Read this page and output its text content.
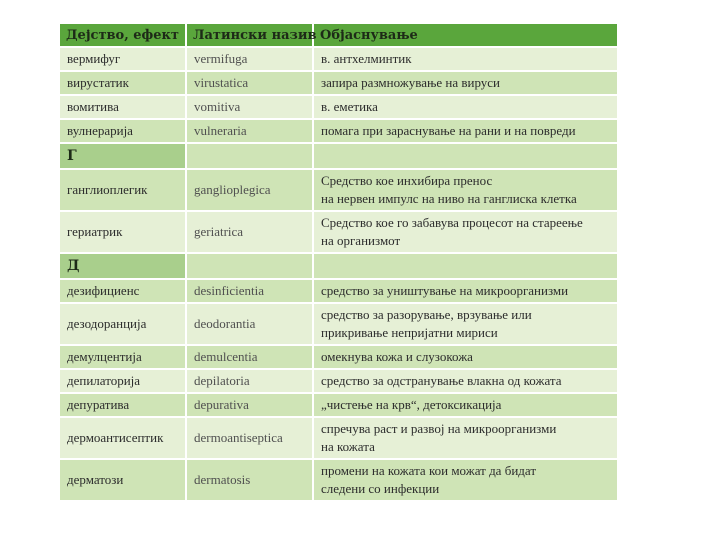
Дејство, ефект	Латински назив	Објаснување
вермифуг	vermifuga	в. антхелминтик
вирустатик	virustatica	запира размножување на вируси
вомитива	vomitiva	в. еметика
вулнерарија	vulneraria	помага при зараснување на рани и на повреди
Г		
ганглиоплегик	ganglioplegica	Средство кое инхибира пренос
на нервен импулс на ниво на ганглиска клетка
гериатрик	geriatrica	Средство кое го забавува процесот на стареење
на организмот
Д		
дезифициенс	desinficientia	средство за уништување на микроорганизми
дезодоранција	deodorantia	средство за разорување, врзување или
прикривање непријатни мириси
демулцентија	demulcentia	омекнува кожа и слузокожа
депилаторија	depilatoria	средство за одстранување влакна од кожата
депуратива	depurativa	„чистење на крв“, детоксикација
дермоантисептик	dermoantiseptica	спречува раст и развој на микроорганизми
на кожата
дерматози	dermatosis	промени на кожата кои можат да бидат
следени со инфекции
